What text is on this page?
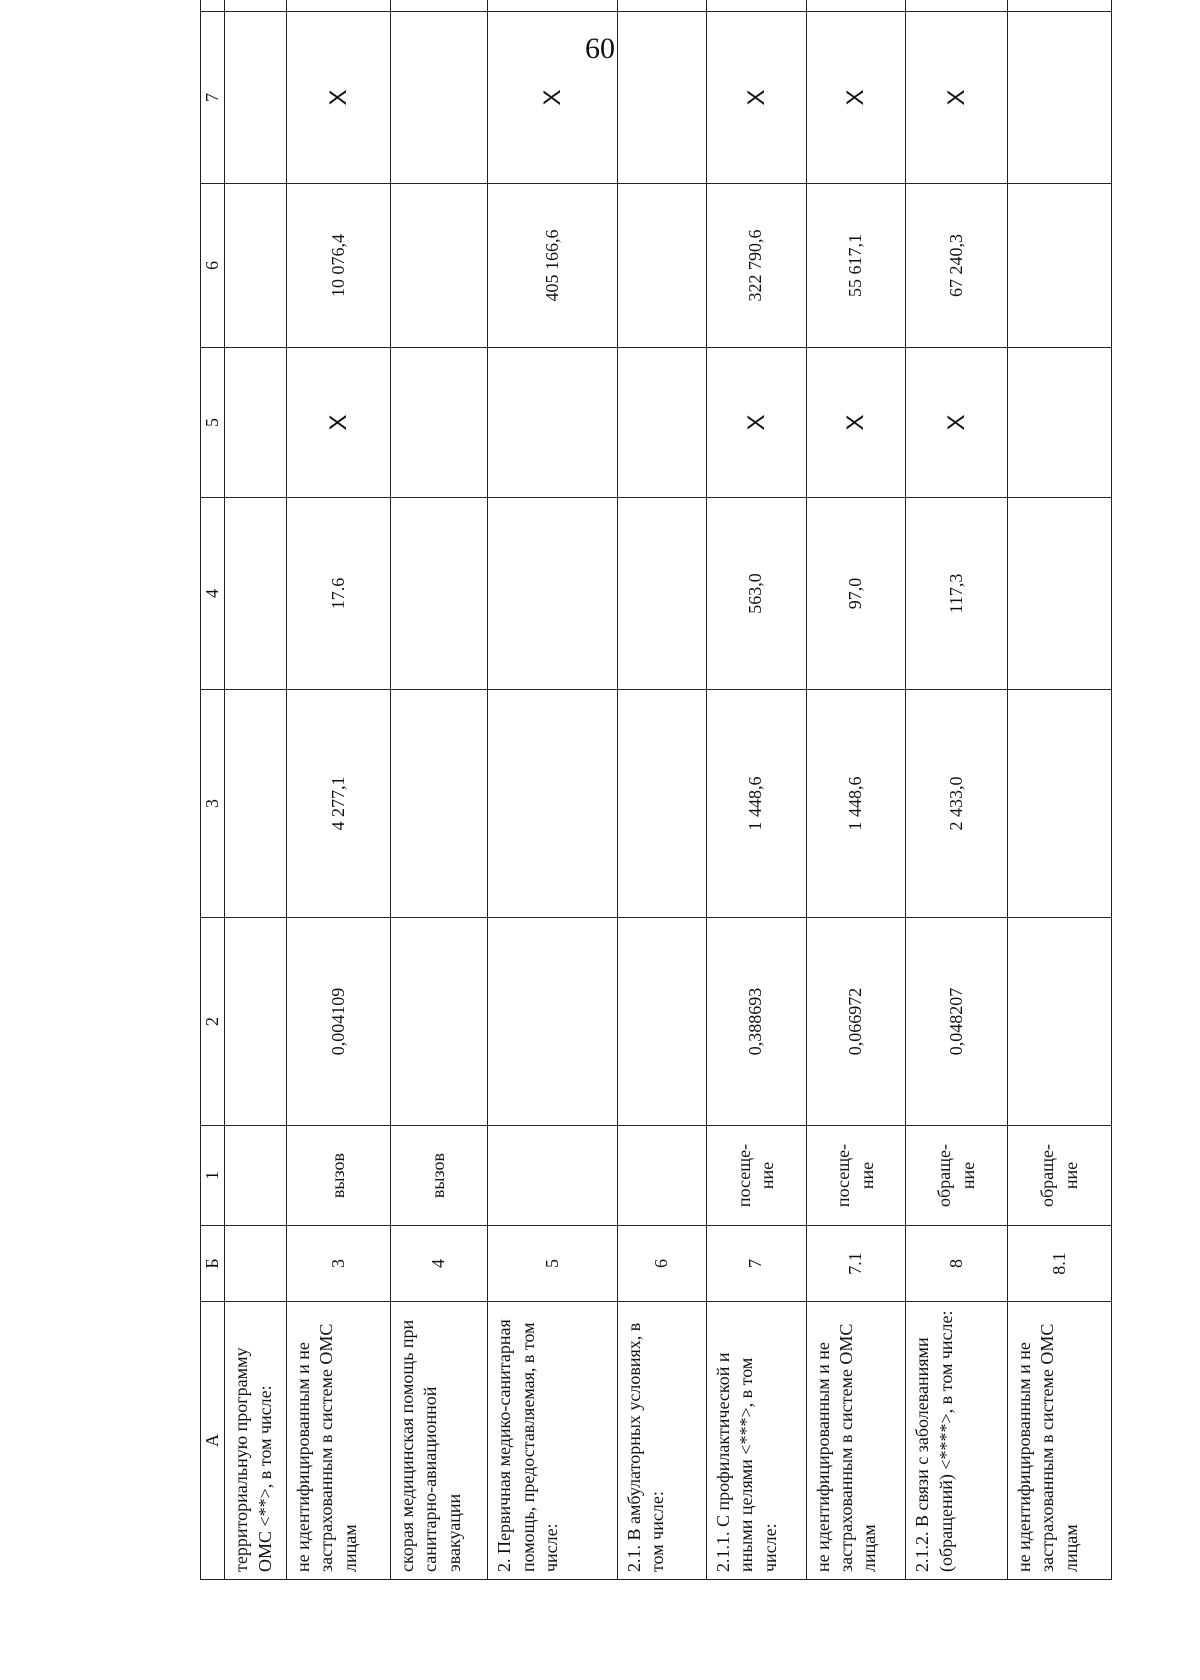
60
А	Б	1	2	3	4	5	6	7	
территориальную программу ОМС <**>, в том числе:									
не идентифицированным и не застрахованным в системе ОМС лицам	3	вызов	0,004109	4 277,1	17.6	X	10 076,4	X	
скорая медицинская помощь при санитарно-авиационной эвакуации	4	вызов							
2. Первичная медико-санитарная помощь, предоставляемая, в том числе:	5						405 166,6	X	
2.1. В амбулаторных условиях, в том числе:	6								
2.1.1. С профилактической и иными целями <***>, в том числе:	7	посеще-ние	0,388693	1 448,6	563,0	X	322 790,6	X	
не идентифицированным и не застрахованным в системе ОМС лицам	7.1	посеще-ние	0,066972	1 448,6	97,0	X	55 617,1	X	
2.1.2. В связи с заболеваниями (обращений) <****>, в том числе:	8	обраще-ние	0,048207	2 433,0	117,3	X	67 240,3	X	
не идентифицированным и не застрахованным в системе ОМС лицам	8.1	обраще-ние							
